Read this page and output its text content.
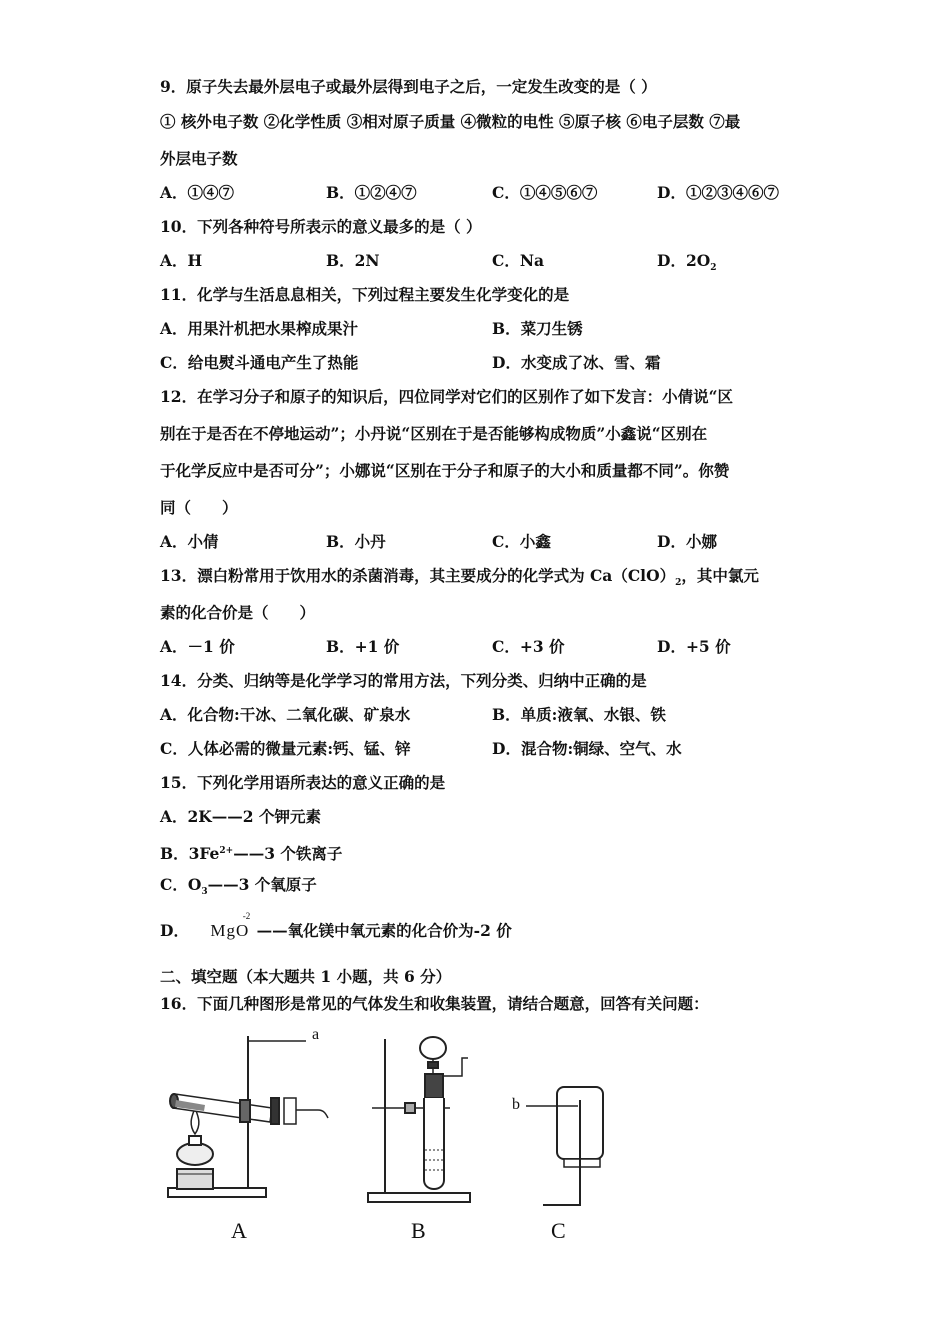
9．原子失去最外层电子或最外层得到电子之后，一定发生改变的是（ ）
① 核外电子数 ②化学性质 ③相对原子质量 ④微粒的电性 ⑤原子核 ⑥电子层数 ⑦最
外层电子数
A．①④⑦	B．①②④⑦	C．①④⑤⑥⑦	D．①②③④⑥⑦
10．下列各种符号所表示的意义最多的是（ ）
A．H	B．2N	C．Na	D．$2O_2$
11．化学与生活息息相关，下列过程主要发生化学变化的是
A．用果汁机把水果榨成果汁	B．菜刀生锈
C．给电熨斗通电产生了热能	D．水变成了冰、雪、霜
12．在学习分子和原子的知识后，四位同学对它们的区别作了如下发言：小倩说“区
别在于是否在不停地运动”；小丹说“区别在于是否能够构成物质”小鑫说“区别在
于化学反应中是否可分”；小娜说“区别在于分子和原子的大小和质量都不同”。你赞
同（　　）
A．小倩	B．小丹	C．小鑫	D．小娜
13．漂白粉常用于饮用水的杀菌消毒，其主要成分的化学式为 $Ca(ClO)_2$，其中氯元
素的化合价是（　　）
A．－1 价	B．+1 价	C．+3 价	D．+5 价
14．分类、归纳等是化学学习的常用方法，下列分类、归纳中正确的是
A．化合物:干冰、二氧化碳、矿泉水	B．单质:液氧、水银、铁
C．人体必需的微量元素:钙、锰、锌	D．混合物:铜绿、空气、水
15．下列化学用语所表达的意义正确的是
A．2K——2 个钾元素
B．$3Fe^{2+}——3$ 个铁离子
C．$O_3——3$ 个氧原子
D． MgO
-2
——氧化镁中氧元素的化合价为-2 价
二、填空题（本大题共 1 小题，共 6 分）
16．下面几种图形是常见的气体发生和收集装置，请结合题意，回答有关问题：
a
b
A	B	C
